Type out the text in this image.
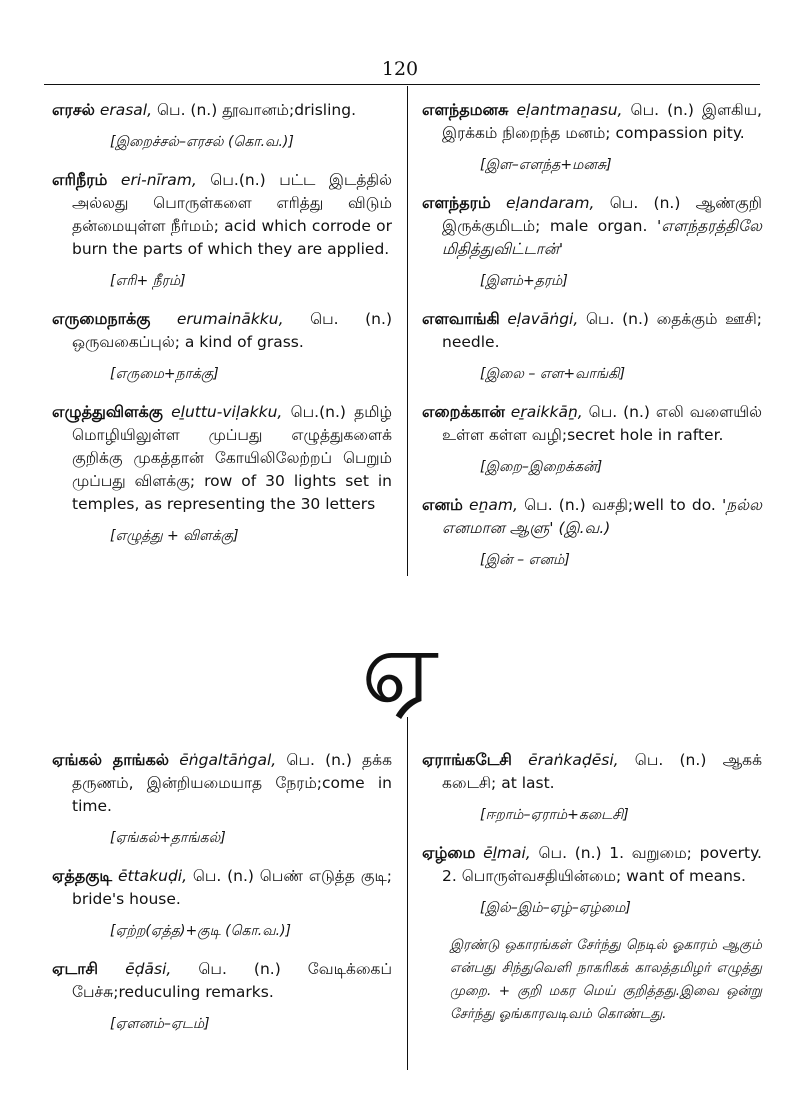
120

எரசல் erasal, பெ. (n.) தூவானம்;drisling.

[இறைச்சல்–எரசல் (கொ.வ.)]

எரிநீரம் eri-nīram, பெ.(n.) பட்ட இடத்தில் அல்லது பொருள்களை எரித்து விடும் தன்மையுள்ள நீர்மம்; acid which corrode or burn the parts of which they are applied.

[எரி+ நீரம்]

எருமைநாக்கு erumainākku, பெ. (n.) ஒருவகைப்புல்; a kind of grass.

[எருமை+நாக்கு]

எழுத்துவிளக்கு eḻuttu-viḷakku, பெ.(n.) தமிழ் மொழியிலுள்ள முப்பது எழுத்துகளைக் குறிக்கு முகத்தான் கோயிலிலேற்றப் பெறும் முப்பது விளக்கு; row of 30 lights set in temples, as representing the 30 letters

[எழுத்து + விளக்கு]

எளந்தமனசு eḷantmaṉasu, பெ. (n.) இளகிய, இரக்கம் நிறைந்த மனம்; compassion pity.

[இள–எளந்த+மனசு]

எளந்தரம் eḷandaram, பெ. (n.) ஆண்குறி இருக்குமிடம்; male organ. 'எளந்தரத்திலே மிதித்துவிட்டான்'

[இளம்+தரம்]

எளவாங்கி eḷavāṅgi, பெ. (n.) தைக்கும் ஊசி; needle.

[இலை – எள+வாங்கி]

எறைக்கான் eṟaikkāṉ, பெ. (n.) எலி வளையில் உள்ள கள்ள வழி;secret hole in rafter.

[இறை–இறைக்கன்]

எனம் eṉam, பெ. (n.) வசதி;well to do. 'நல்ல எனமான ஆளு' (இ.வ.)

[இன் – எனம்]
ஏ

ஏங்கல் தாங்கல் ēṅgaltāṅgal, பெ. (n.) தக்க தருணம், இன்றியமையாத நேரம்;come in time.

[ஏங்கல்+தாங்கல்]

ஏத்தகுடி ēttakuḍi, பெ. (n.) பெண் எடுத்த குடி; bride's house.

[ஏற்ற(ஏத்த)+குடி (கொ.வ.)]

ஏடாசி ēḍāsi, பெ. (n.) வேடிக்கைப் பேச்சு;reduculing remarks.

[ஏளனம்–ஏடம்]

ஏராங்கடேசி ēraṅkaḍēsi, பெ. (n.) ஆகக் கடைசி; at last.

[ஈறாம்–ஏராம்+கடைசி]

ஏழ்மை ēḻmai, பெ. (n.) 1. வறுமை; poverty. 2. பொருள்வசதியின்மை; want of means.

[இல்–இம்–ஏழ்–ஏழ்மை]

இரண்டு ஒகாரங்கள் சேர்ந்து நெடில் ஓகாரம் ஆகும் என்பது சிந்துவெளி நாகரிகக் காலத்தமிழர் எழுத்து முறை. + குறி மகர மெய் குறித்தது.இவை ஒன்று சேர்ந்து ஓங்காரவடிவம் கொண்டது.
